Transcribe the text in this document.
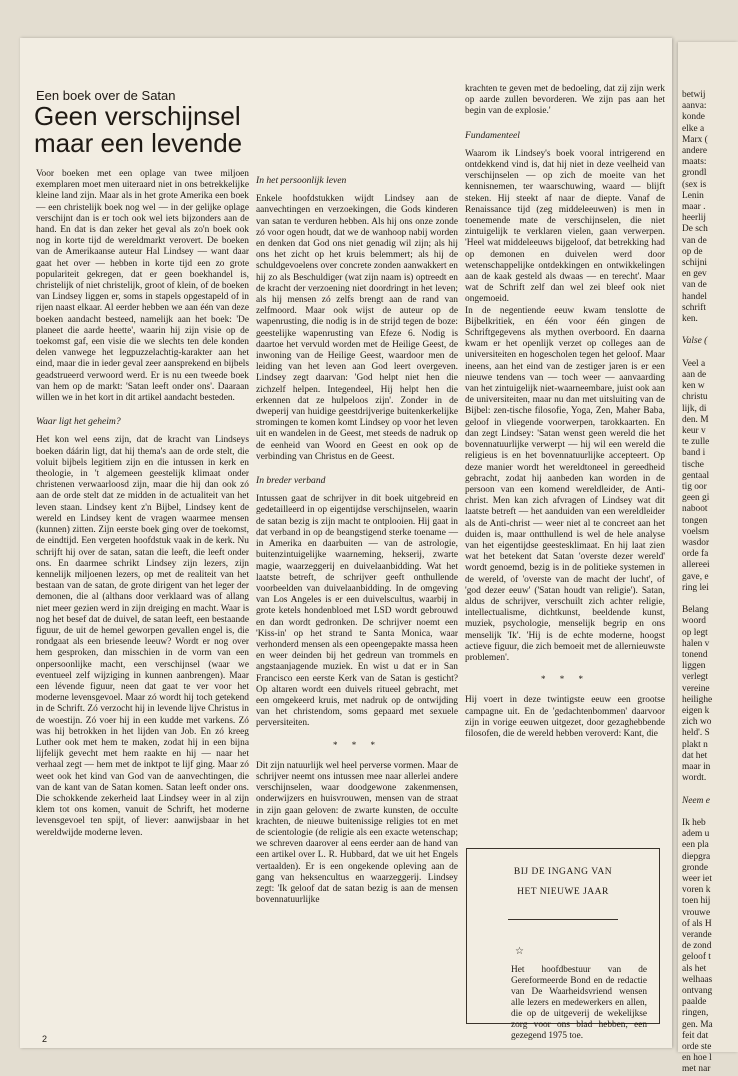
Een boek over de Satan
Geen verschijnsel maar een levende

Voor boeken met een oplage van twee miljoen exemplaren moet men uiteraard niet in ons betrekkelijke kleine land zijn. Maar als in het grote Amerika een boek — een christelijk boek nog wel — in der gelijke oplage verschijnt dan is er toch ook wel iets bijzonders aan de hand. En dat is dan zeker het geval als zo'n boek ook nog in korte tijd de wereldmarkt verovert. De boeken van de Amerikaanse auteur Hal Lindsey — want daar gaat het over — hebben in korte tijd een zo grote populariteit gekregen, dat er geen boekhandel is, christelijk of niet christelijk, groot of klein, of de boeken van Lindsey liggen er, soms in stapels opgestapeld of in rijen naast elkaar. Al eerder hebben we aan één van deze boeken aandacht besteed, namelijk aan het boek: 'De planeet die aarde heette', waarin hij zijn visie op de toekomst gaf, een visie die we slechts ten dele konden delen vanwege het legpuzzelachtig-karakter aan het eind, maar die in ieder geval zeer aansprekend en bijbels geadstrueerd verwoord werd. Er is nu een tweede boek van hem op de markt: 'Satan leeft onder ons'. Daaraan willen we in het kort in dit artikel aandacht besteden.

Waar ligt het geheim?

Het kon wel eens zijn, dat de kracht van Lindseys boeken dáárin ligt, dat hij thema's aan de orde stelt, die voluit bijbels legitiem zijn en die intussen in kerk en theologie, in 't algemeen geestelijk klimaat onder christenen verwaarloosd zijn, maar die hij dan ook zó aan de orde stelt dat ze midden in de actualiteit van het leven staan. Lindsey kent z'n Bijbel, Lindsey kent de wereld en Lindsey kent de vragen waarmee mensen (kunnen) zitten. Zijn eerste boek ging over de toekomst, de eindtijd. Een vergeten hoofdstuk vaak in de kerk. Nu schrijft hij over de satan, satan die leeft, die leeft onder ons. En daarmee schrikt Lindsey zijn lezers, zijn kennelijk miljoenen lezers, op met de realiteit van het bestaan van de satan, de grote dirigent van het leger der demonen, die al (althans door verklaard was of allang niet meer gezien werd in zijn dreiging en macht. Waar is nog het besef dat de duivel, de satan leeft, een bestaande figuur, de uit de hemel geworpen gevallen engel is, die rondgaat als een briesende leeuw? Wordt er nog over hem gesproken, dan misschien in de vorm van een onpersoonlijke macht, een verschijnsel (waar we eventueel zelf wijziging in kunnen aanbrengen). Maar een lévende figuur, neen dat gaat te ver voor het moderne levensgevoel. Maar zó wordt hij toch getekend in de Schrift. Zó verzocht hij in levende lijve Christus in de woestijn. Zó voer hij in een kudde met varkens. Zó was hij betrokken in het lijden van Job. En zó kreeg Luther ook met hem te maken, zodat hij in een bijna lijfelijk gevecht met hem raakte en hij — naar het verhaal zegt — hem met de inktpot te lijf ging. Maar zó weet ook het kind van God van de aanvechtingen, die van de kant van de Satan komen. Satan leeft onder ons. Die schokkende zekerheid laat Lindsey weer in al zijn klem tot ons komen, vanuit de Schrift, het moderne levensgevoel ten spijt, of liever: aanwijsbaar in het wereldwijde moderne leven.

In het persoonlijk leven

Enkele hoofdstukken wijdt Lindsey aan de aanvechtingen en verzoekingen, die Gods kinderen van satan te verduren hebben. Als hij ons onze zonde zó voor ogen houdt, dat we de wanhoop nabij worden en denken dat God ons niet genadig wil zijn; als hij ons het zicht op het kruis belemmert; als hij de schuldgevoelens over concrete zonden aanwakkert en hij zo als Beschuldiger (wat zijn naam is) optreedt en de kracht der verzoening niet doordringt in het leven; als hij mensen zó zelfs brengt aan de rand van zelfmoord. Maar ook wijst de auteur op de wapenrusting, die nodig is in de strijd tegen de boze: geestelijke wapenrusting van Efeze 6. Nodig is daartoe het vervuld worden met de Heilige Geest, de inwoning van de Heilige Geest, waardoor men de leiding van het leven aan God leert overgeven. Lindsey zegt daarvan: 'God helpt niet hen die zichzelf helpen. Integendeel, Hij helpt hen die erkennen dat ze hulpeloos zijn'. Zonder in de dweperij van huidige geestdrijverige buitenkerkelijke stromingen te komen komt Lindsey op voor het leven uit en wandelen in de Geest, met steeds de nadruk op de eenheid van Woord en Geest en ook op de verbinding van Christus en de Geest.

In breder verband

Intussen gaat de schrijver in dit boek uitgebreid en gedetailleerd in op eigentijdse verschijnselen, waarin de satan bezig is zijn macht te ontplooien. Hij gaat in dat verband in op de beangstigend sterke toename — in Amerika en daarbuiten — van de astrologie, buitenzintuigelijke waarneming, hekserij, zwarte magie, waarzeggerij en duivelaanbidding. Wat het laatste betreft, de schrijver geeft onthullende voorbeelden van duivelaanbidding. In de omgeving van Los Angeles is er een duivelscultus, waarbij in grote ketels hondenbloed met LSD wordt gebrouwd en dan wordt gedronken. De schrijver noemt een 'Kiss-in' op het strand te Santa Monica, waar verhonderd mensen als een opeengepakte massa heen en weer deinden bij het gedreun van trommels en angstaanjagende muziek. En wist u dat er in San Francisco een eerste Kerk van de Satan is gesticht? Op altaren wordt een duivels ritueel gebracht, met een omgekeerd kruis, met nadruk op de ontwijding van het christendom, soms gepaard met sexuele perversiteiten.

* * *

Dit zijn natuurlijk wel heel perverse vormen. Maar de schrijver neemt ons intussen mee naar allerlei andere verschijnselen, waar doodgewone zakenmensen, onderwijzers en huisvrouwen, mensen van de straat in zijn gaan geloven: de zwarte kunsten, de occulte krachten, de nieuwe buitenissige religies tot en met de scientologie (de religie als een exacte wetenschap; we schreven daarover al eens eerder aan de hand van een artikel over L. R. Hubbard, dat we uit het Engels vertaalden). Er is een ongekende opleving aan de gang van heksencultus en waarzeggerij. Lindsey zegt: 'Ik geloof dat de satan bezig is aan de mensen bovennatuurlijke

krachten te geven met de bedoeling, dat zij zijn werk op aarde zullen bevorderen. We zijn pas aan het begin van de explosie.'

Fundamenteel

Waarom ik Lindsey's boek vooral intrigerend en ontdekkend vind is, dat hij niet in deze veelheid van verschijnselen — op zich de moeite van het kennisnemen, ter waarschuwing, waard — blijft steken. Hij steekt af naar de diepte. Vanaf de Renaissance tijd (zeg middeleeuwen) is men in toenemende mate de verschijnselen, die niet zintuigelijk te verklaren vielen, gaan verwerpen. 'Heel wat middeleeuws bijgeloof, dat betrekking had op demonen en duivelen werd door wetenschappelijke ontdekkingen en ontwikkelingen aan de kaak gesteld als dwaas — en terecht'. Maar wat de Schrift zelf dan wel zei bleef ook niet ongemoeid.

In de negentiende eeuw kwam tenslotte de Bijbelkritiek, en één voor één gingen de Schriftgegevens als mythen overboord. En daarna kwam er het openlijk verzet op colleges aan de universiteiten en hogescholen tegen het geloof. Maar ineens, aan het eind van de zestiger jaren is er een nieuwe tendens van — toch weer — aanvaarding van het zintuigelijk niet-waarneembare, juist ook aan de universiteiten, maar nu dan met uitsluiting van de Bijbel: zen-tische filosofie, Yoga, Zen, Maher Baba, geloof in vliegende voorwerpen, tarokkaarten. En dan zegt Lindsey: 'Satan wenst geen wereld die het bovennatuurlijke verwerpt — hij wil een wereld die religieus is en het bovennatuurlijke accepteert. Op deze manier wordt het wereldtoneel in gereedheid gebracht, zodat hij aanbeden kan worden in de persoon van een komend wereldleider, de Anti-christ. Men kan zich afvragen of Lindsey wat dit laatste betreft — het aanduiden van een wereldleider als de Anti-christ — weer niet al te concreet aan het duiden is, maar ontthullend is wel de hele analyse van het eigentijdse geestesklimaat. En hij laat zien wat het betekent dat Satan 'overste dezer wereld' wordt genoemd, bezig is in de politieke systemen in de wereld, of 'overste van de macht der lucht', of 'god dezer eeuw' ('Satan houdt van religie'). Satan, aldus de schrijver, verschuilt zich achter religie, intellectualisme, dichtkunst, beeldende kunst, muziek, psychologie, menselijk begrip en ons menselijk 'Ik'. 'Hij is de echte moderne, hoogst actieve figuur, die zich bemoeit met de allernieuwste problemen'.

* * *

Hij voert in deze twintigste eeuw een grootse campagne uit. En de 'gedachtenbommen' daarvoor zijn in vorige eeuwen uitgezet, door gezaghebbende filosofen, die de wereld hebben veroverd: Kant, die

BIJ DE INGANG VAN
HET NIEUWE JAAR
☆
Het hoofdbestuur van de Gereformeerde Bond en de redactie van De Waarheidsvriend wensen alle lezers en medewerkers en allen, die op de uitgeverij de wekelijkse zorg voor ons blad hebben, een gezegend 1975 toe.
2
betwij
aanva:
konde
elke a
Marx (
andere
maats:
grondl
(sex is
Lenin
maar .
heerlij
De sch
van de
op de
schijni
en gev
van de
handel
schrift
ken.
Valse (
Veel a
aan de
ken w
christu
lijk, di
den. M
keur v
te zulle
band i
tische
gentaal
tig oor
geen gi
naboot
tongen
voelsm
wasdor
orde fa
allereei
gave, e
ring lei
Belang
woord
op legt
halen v
tonend
liggen
verlegt
vereine
heilighe
eigen k
zich wo
held'. S
plakt n
dat het
maar in
wordt.
Neem e
Ik heb
adem u
een pla
diepgra
gronde
weer iet
voren k
toen hij
vrouwe
of als H
verande
de zond
geloof t
als het
welhaas
ontvang
paalde
ringen,
gen. Ma
feit dat
orde ste
en hoe l
met nar
